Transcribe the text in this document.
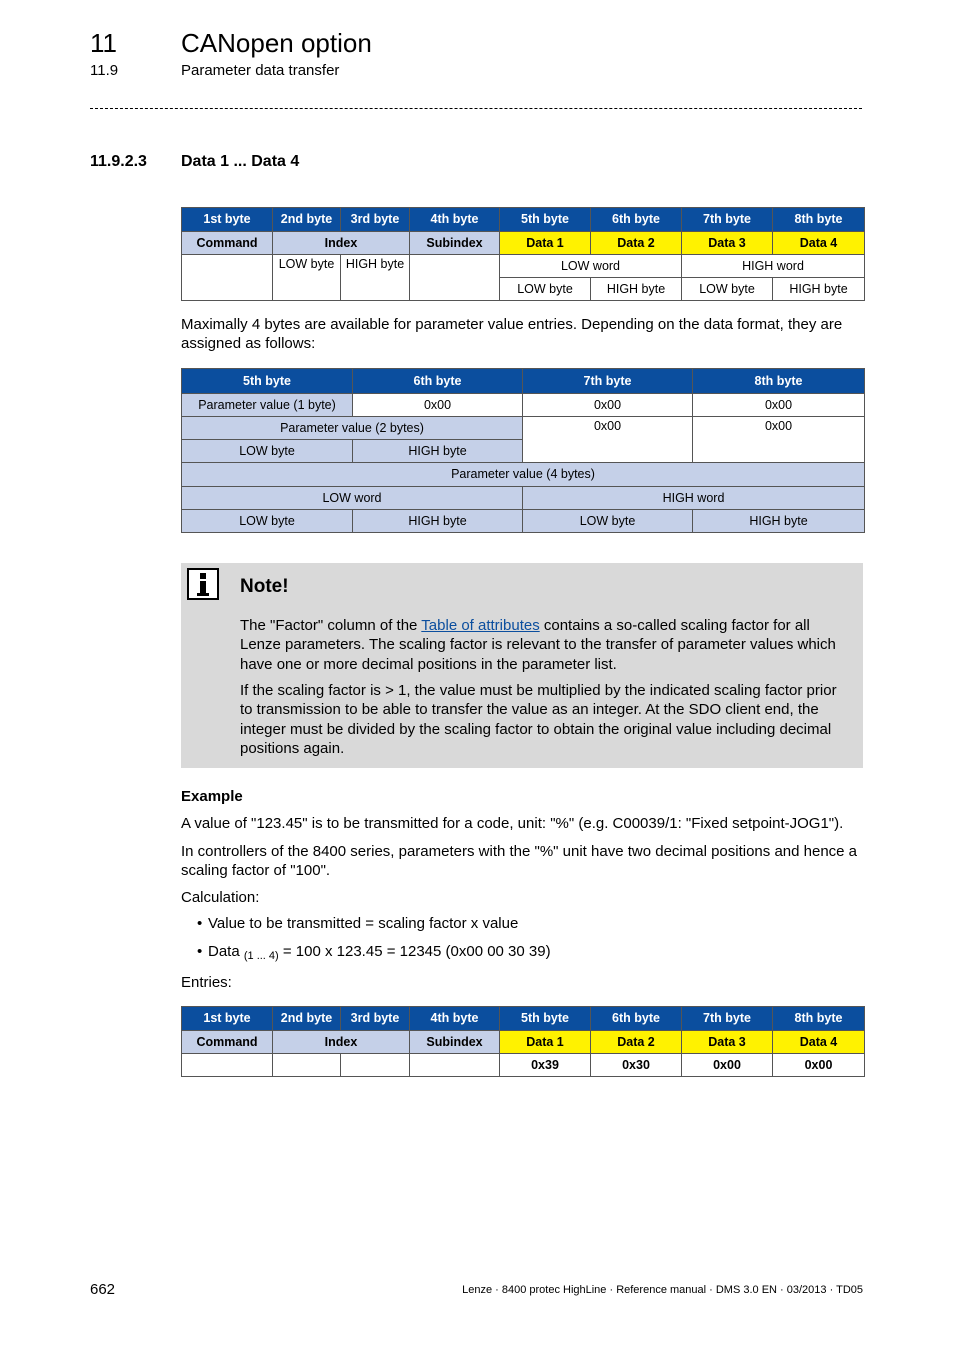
11 CANopen option
11.9	Parameter data transfer
11.9.2.3 Data 1 ... Data 4
1st byte	2nd byte	3rd byte	4th byte	5th byte	6th byte	7th byte	8th byte
Command	Index		Subindex	Data 1	Data 2	Data 3	Data 4
	LOW byte	HIGH byte		LOW word		HIGH word	
				LOW byte	HIGH byte	LOW byte	HIGH byte
Maximally 4 bytes are available for parameter value entries. Depending on the data format, they are assigned as follows:
5th byte	6th byte	7th byte	8th byte
Parameter value (1 byte)	0x00	0x00	0x00
Parameter value (2 bytes)		0x00	0x00
LOW byte	HIGH byte		
Parameter value (4 bytes)			
LOW word		HIGH word	
LOW byte	HIGH byte	LOW byte	HIGH byte
Note!
The "Factor" column of the Table of attributes contains a so-called scaling factor for all Lenze parameters. The scaling factor is relevant to the transfer of parameter values which have one or more decimal positions in the parameter list.
If the scaling factor is > 1, the value must be multiplied by the indicated scaling factor prior to transmission to be able to transfer the value as an integer. At the SDO client end, the integer must be divided by the scaling factor to obtain the original value including decimal positions again.
Example
A value of "123.45" is to be transmitted for a code, unit: "%" (e.g. C00039/1: "Fixed setpoint-JOG1").
In controllers of the 8400 series, parameters with the "%" unit have two decimal positions and hence a scaling factor of "100".
Calculation:
• Value to be transmitted = scaling factor x value
• Data $_{(1 ... 4)}$ = 100 x 123.45 = 12345 (0x00 00 30 39)
Entries:
1st byte	2nd byte	3rd byte	4th byte	5th byte	6th byte	7th byte	8th byte
Command	Index		Subindex	Data 1	Data 2	Data 3	Data 4
				0x39	0x30	0x00	0x00
662	Lenze · 8400 protec HighLine · Reference manual · DMS 3.0 EN · 03/2013 · TD05
